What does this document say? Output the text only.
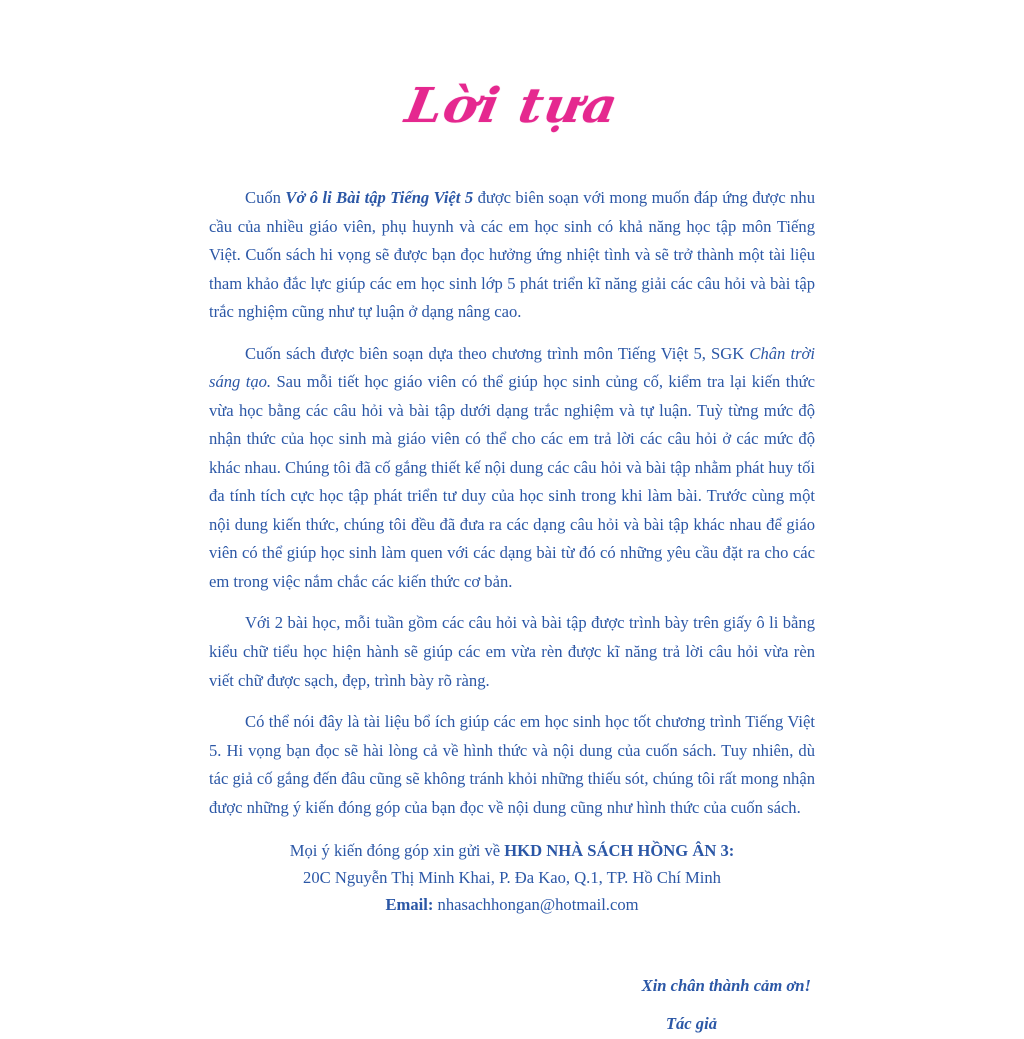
Lời tựa

Cuốn Vở ô li Bài tập Tiếng Việt 5 được biên soạn với mong muốn đáp ứng được nhu cầu của nhiều giáo viên, phụ huynh và các em học sinh có khả năng học tập môn Tiếng Việt. Cuốn sách hi vọng sẽ được bạn đọc hưởng ứng nhiệt tình và sẽ trở thành một tài liệu tham khảo đắc lực giúp các em học sinh lớp 5 phát triển kĩ năng giải các câu hỏi và bài tập trắc nghiệm cũng như tự luận ở dạng nâng cao.

Cuốn sách được biên soạn dựa theo chương trình môn Tiếng Việt 5, SGK Chân trời sáng tạo. Sau mỗi tiết học giáo viên có thể giúp học sinh củng cố, kiểm tra lại kiến thức vừa học bằng các câu hỏi và bài tập dưới dạng trắc nghiệm và tự luận. Tuỳ từng mức độ nhận thức của học sinh mà giáo viên có thể cho các em trả lời các câu hỏi ở các mức độ khác nhau. Chúng tôi đã cố gắng thiết kế nội dung các câu hỏi và bài tập nhằm phát huy tối đa tính tích cực học tập phát triển tư duy của học sinh trong khi làm bài. Trước cùng một nội dung kiến thức, chúng tôi đều đã đưa ra các dạng câu hỏi và bài tập khác nhau để giáo viên có thể giúp học sinh làm quen với các dạng bài từ đó có những yêu cầu đặt ra cho các em trong việc nắm chắc các kiến thức cơ bản.

Với 2 bài học, mỗi tuần gồm các câu hỏi và bài tập được trình bày trên giấy ô li bằng kiểu chữ tiểu học hiện hành sẽ giúp các em vừa rèn được kĩ năng trả lời câu hỏi vừa rèn viết chữ được sạch, đẹp, trình bày rõ ràng.

Có thể nói đây là tài liệu bổ ích giúp các em học sinh học tốt chương trình Tiếng Việt 5. Hi vọng bạn đọc sẽ hài lòng cả về hình thức và nội dung của cuốn sách. Tuy nhiên, dù tác giả cố gắng đến đâu cũng sẽ không tránh khỏi những thiếu sót, chúng tôi rất mong nhận được những ý kiến đóng góp của bạn đọc về nội dung cũng như hình thức của cuốn sách.

Mọi ý kiến đóng góp xin gửi về HKD NHÀ SÁCH HỒNG ÂN 3:
20C Nguyễn Thị Minh Khai, P. Đa Kao, Q.1, TP. Hồ Chí Minh
Email: nhasachhongan@hotmail.com
Xin chân thành cảm ơn!
Tác giả
